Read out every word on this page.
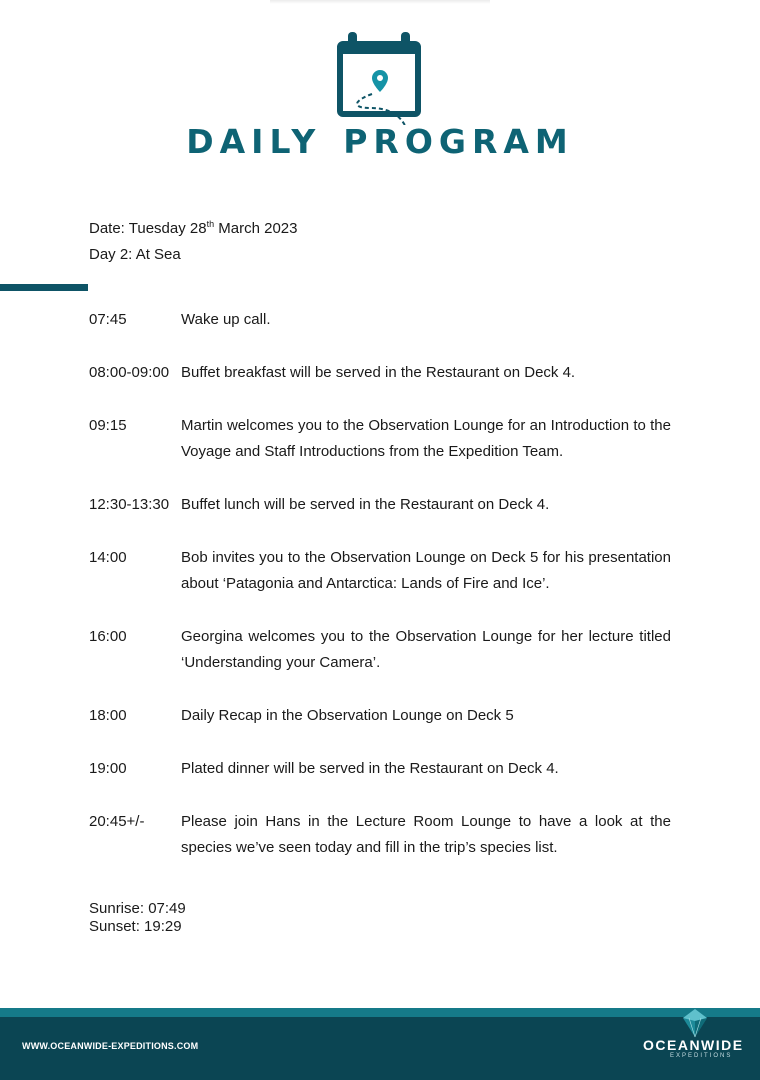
DAILY PROGRAM
Date: Tuesday 28th March 2023
Day 2: At Sea
07:45	Wake up call.
08:00-09:00 Buffet breakfast will be served in the Restaurant on Deck 4.
09:15	Martin welcomes you to the Observation Lounge for an Introduction to the Voyage and Staff Introductions from the Expedition Team.
12:30-13:30 Buffet lunch will be served in the Restaurant on Deck 4.
14:00	Bob invites you to the Observation Lounge on Deck 5 for his presentation about ‘Patagonia and Antarctica: Lands of Fire and Ice’.
16:00	Georgina welcomes you to the Observation Lounge for her lecture titled ‘Understanding your Camera’.
18:00	Daily Recap in the Observation Lounge on Deck 5
19:00	Plated dinner will be served in the Restaurant on Deck 4.
20:45+/-	Please join Hans in the Lecture Room Lounge to have a look at the species we’ve seen today and fill in the trip’s species list.
Sunrise: 07:49
Sunset: 19:29
WWW.OCEANWIDE-EXPEDITIONS.COM	OCEANWIDE
EXPEDITIONS
